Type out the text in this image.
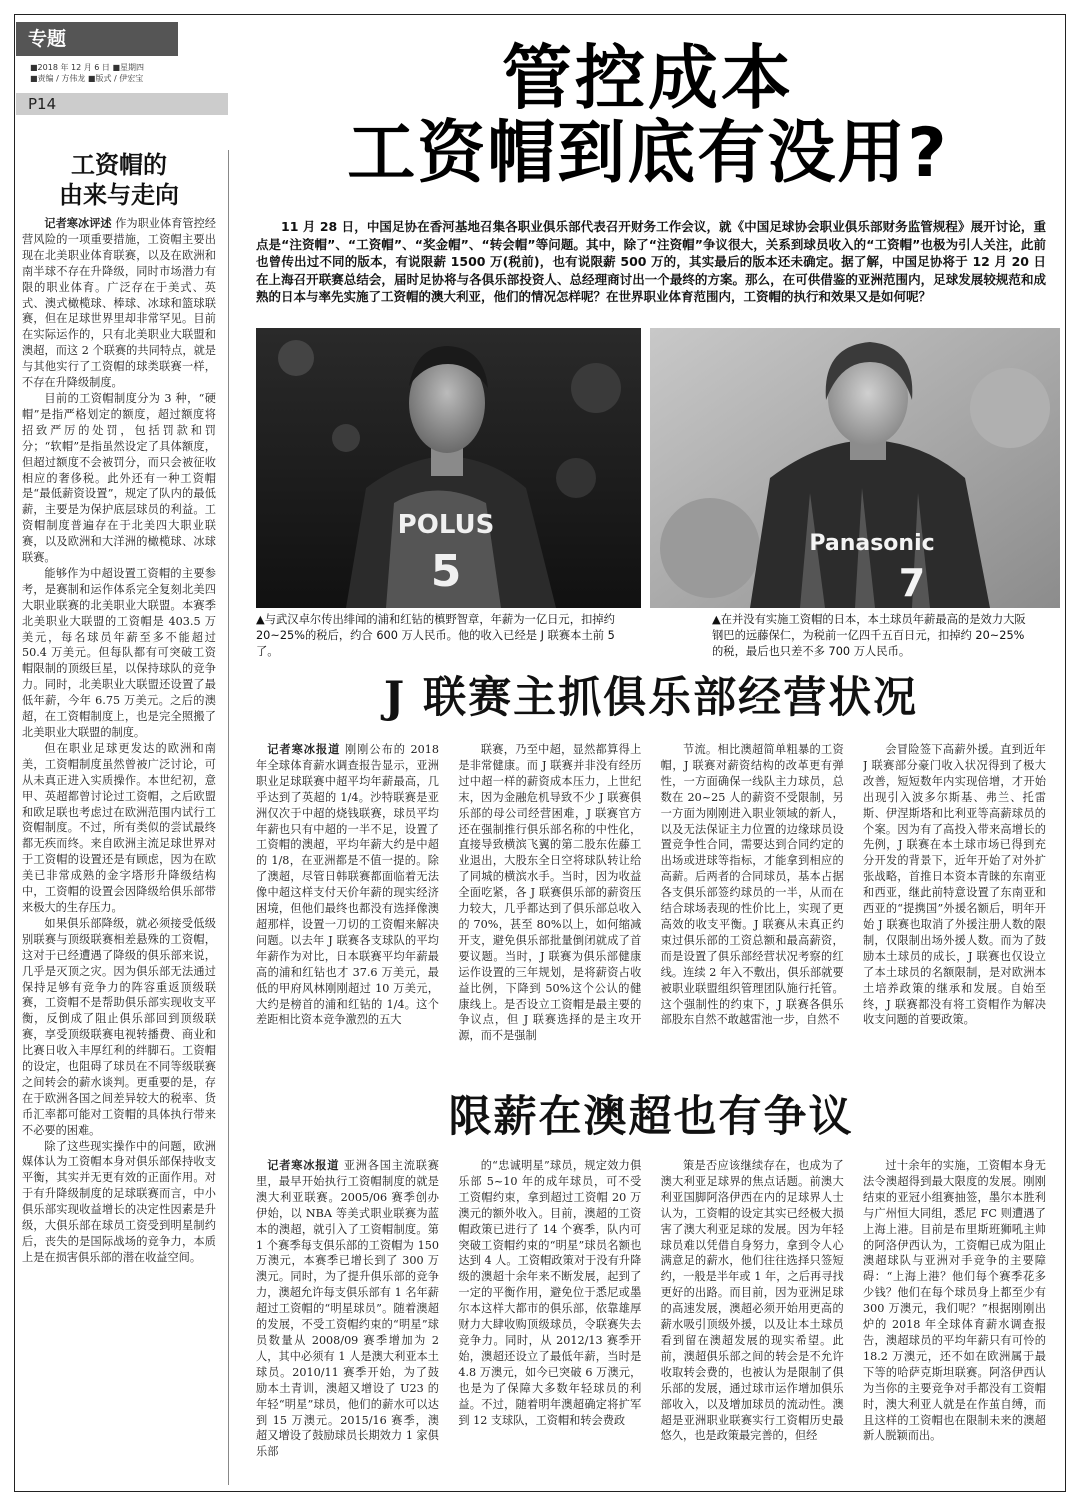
专题
■2018 年 12 月 6 日 ■星期四
■责编 / 方伟龙 ■版式 / 伊宏宝
P14
工资帽的
由来与走向

记者寒冰评述 作为职业体育管控经营风险的一项重要措施，工资帽主要出现在北美职业体育联赛，以及在欧洲和南半球不存在升降级，同时市场潜力有限的职业体育。广泛存在于美式、英式、澳式橄榄球、棒球、冰球和篮球联赛，但在足球世界里却非常罕见。目前在实际运作的，只有北美职业大联盟和澳超，而这 2 个联赛的共同特点，就是与其他实行了工资帽的球类联赛一样，不存在升降级制度。

目前的工资帽制度分为 3 种，“硬帽”是指严格划定的额度，超过额度将招致严厉的处罚，包括罚款和罚分；“软帽”是指虽然设定了具体额度，但超过额度不会被罚分，而只会被征收相应的奢侈税。此外还有一种工资帽是“最低薪资设置”，规定了队内的最低薪，主要是为保护底层球员的利益。工资帽制度普遍存在于北美四大职业联赛，以及欧洲和大洋洲的橄榄球、冰球联赛。

能够作为中超设置工资帽的主要参考，是赛制和运作体系完全复刻北美四大职业联赛的北美职业大联盟。本赛季北美职业大联盟的工资帽是 403.5 万美元，每名球员年薪至多不能超过 50.4 万美元。但每队都有可突破工资帽限制的顶级巨星，以保持球队的竞争力。同时，北美职业大联盟还设置了最低年薪，今年 6.75 万美元。之后的澳超，在工资帽制度上，也是完全照搬了北美职业大联盟的制度。

但在职业足球更发达的欧洲和南美，工资帽制度虽然曾被广泛讨论，可从未真正进入实质操作。本世纪初，意甲、英超都曾讨论过工资帽，之后欧盟和欧足联也考虑过在欧洲范围内试行工资帽制度。不过，所有类似的尝试最终都无疾而终。来自欧洲主流足球世界对于工资帽的设置还是有顾虑，因为在欧美已非常成熟的金字塔形升降级结构中，工资帽的设置会因降级给俱乐部带来极大的生存压力。

如果俱乐部降级，就必须接受低级别联赛与顶级联赛相差悬殊的工资帽，这对于已经遭遇了降级的俱乐部来说，几乎是灭顶之灾。因为俱乐部无法通过保持足够有竞争力的阵容重返顶级联赛，工资帽不是帮助俱乐部实现收支平衡，反倒成了阻止俱乐部回到顶级联赛，享受顶级联赛电视转播费、商业和比赛日收入丰厚红利的绊脚石。工资帽的设定，也阻碍了球员在不同等级联赛之间转会的薪水谈判。更重要的是，存在于欧洲各国之间差异较大的税率、货币汇率都可能对工资帽的具体执行带来不必要的困难。

除了这些现实操作中的问题，欧洲媒体认为工资帽本身对俱乐部保持收支平衡，其实并无更有效的正面作用。对于有升降级制度的足球联赛而言，中小俱乐部实现收益增长的决定性因素是升级，大俱乐部在球员工资受到明星制约后，丧失的是国际战场的竞争力，本质上是在损害俱乐部的潜在收益空间。

管控成本
工资帽到底有没用?
11 月 28 日，中国足协在香河基地召集各职业俱乐部代表召开财务工作会议，就《中国足球协会职业俱乐部财务监管规程》展开讨论，重点是“注资帽”、“工资帽”、“奖金帽”、“转会帽”等问题。其中，除了“注资帽”争议很大，关系到球员收入的“工资帽”也极为引人关注，此前也曾传出过不同的版本，有说限薪 1500 万(税前)，也有说限薪 500 万的，其实最后的版本还未确定。据了解，中国足协将于 12 月 20 日在上海召开联赛总结会，届时足协将与各俱乐部投资人、总经理商讨出一个最终的方案。那么，在可供借鉴的亚洲范围内，足球发展较规范和成熟的日本与率先实施了工资帽的澳大利亚，他们的情况怎样呢？在世界职业体育范围内，工资帽的执行和效果又是如何呢？
POLUS
5
Panasonic
7
▲与武汉卓尔传出绯闻的浦和红钻的槙野智章，年薪为一亿日元，扣掉约 20~25%的税后，约合 600 万人民币。他的收入已经是 J 联赛本土前 5 了。
▲在并没有实施工资帽的日本，本土球员年薪最高的是效力大阪钢巴的远藤保仁，为税前一亿四千五百日元，扣掉约 20~25%的税，最后也只差不多 700 万人民币。
J 联赛主抓俱乐部经营状况

记者寒冰报道 刚刚公布的 2018 年全球体育薪水调查报告显示，亚洲职业足球联赛中超平均年薪最高，几乎达到了英超的 1/4。沙特联赛是亚洲仅次于中超的烧钱联赛，球员平均年薪也只有中超的一半不足，设置了工资帽的澳超，平均年薪大约是中超的 1/8，在亚洲都是不值一提的。除了澳超，尽管日韩联赛都面临着无法像中超这样支付天价年薪的现实经济困境，但他们最终也都没有选择像澳超那样，设置一刀切的工资帽来解决问题。以去年 J 联赛各支球队的平均年薪作为对比，日本联赛平均年薪最高的浦和红钻也才 37.6 万美元，最低的甲府风林刚刚超过 10 万美元，大约是榜首的浦和红钻的 1/4。这个差距相比资本竞争激烈的五大

联赛，乃至中超，显然都算得上是非常健康。而 J 联赛并非没有经历过中超一样的薪资成本压力，上世纪末，因为金融危机导致不少 J 联赛俱乐部的母公司经营困难，J 联赛官方还在强制推行俱乐部名称的中性化，直接导致横滨飞翼的第二股东佐藤工业退出，大股东全日空将球队转让给了同城的横滨水手。当时，因为收益全面吃紧，各 J 联赛俱乐部的薪资压力较大，几乎都达到了俱乐部总收入的 70%，甚至 80%以上，如何缩减开支，避免俱乐部批量倒闭就成了首要议题。当时，J 联赛为俱乐部健康运作设置的三年规划，是将薪资占收益比例，下降到 50%这个公认的健康线上。是否设立工资帽是最主要的争议点，但 J 联赛选择的是主攻开源，而不是强制

节流。相比澳超简单粗暴的工资帽，J 联赛对薪资结构的改革更有弹性，一方面确保一线队主力球员，总数在 20~25 人的薪资不受限制，另一方面为刚刚进入职业领域的新人，以及无法保证主力位置的边缘球员设置竞争性合同，需要达到合同约定的出场或进球等指标，才能拿到相应的高薪。后两者的合同球员，基本占据各支俱乐部签约球员的一半，从而在结合球场表现的性价比上，实现了更高效的收支平衡。J 联赛从未真正约束过俱乐部的工资总额和最高薪资，而是设置了俱乐部经营状况考察的红线。连续 2 年入不敷出，俱乐部就要被职业联盟组织管理团队施行托管。这个强制性的约束下，J 联赛各俱乐部股东自然不敢越雷池一步，自然不

会冒险签下高薪外援。直到近年 J 联赛部分豪门收入状况得到了极大改善，短短数年内实现倍增，才开始出现引入波多尔斯基、弗兰、托雷斯、伊涅斯塔和比利亚等高薪球员的个案。因为有了高投入带来高增长的先例，J 联赛在本土球市场已得到充分开发的背景下，近年开始了对外扩张战略，首推日本资本青睐的东南亚和西亚，继此前特意设置了东南亚和西亚的“提携国”外援名额后，明年开始 J 联赛也取消了外援注册人数的限制，仅限制出场外援人数。而为了鼓励本土球员的成长，J 联赛也仅设立了本土球员的名额限制，是对欧洲本土培养政策的继承和发展。自始至终，J 联赛都没有将工资帽作为解决收支问题的首要政策。

限薪在澳超也有争议

记者寒冰报道 亚洲各国主流联赛里，最早开始执行工资帽制度的就是澳大利亚联赛。2005/06 赛季创办伊始，以 NBA 等美式职业联赛为蓝本的澳超，就引入了工资帽制度。第 1 个赛季每支俱乐部的工资帽为 150 万澳元，本赛季已增长到了 300 万澳元。同时，为了提升俱乐部的竞争力，澳超允许每支俱乐部有 1 名年薪超过工资帽的“明星球员”。随着澳超的发展，不受工资帽约束的“明星”球员数量从 2008/09 赛季增加为 2 人，其中必须有 1 人是澳大利亚本土球员。2010/11 赛季开始，为了鼓励本土青训，澳超又增设了 U23 的年轻“明星”球员，他们的薪水可以达到 15 万澳元。2015/16 赛季，澳超又增设了鼓励球员长期效力 1 家俱乐部

的“忠诚明星”球员，规定效力俱乐部 5~10 年的成年球员，可不受工资帽约束，拿到超过工资帽 20 万澳元的额外收入。目前，澳超的工资帽政策已进行了 14 个赛季，队内可突破工资帽约束的“明星”球员名额也达到 4 人。工资帽政策对于没有升降级的澳超十余年来不断发展，起到了一定的平衡作用，避免位于悉尼或墨尔本这样大都市的俱乐部，依靠雄厚财力大肆收购顶级球员，令联赛失去竞争力。同时，从 2012/13 赛季开始，澳超还设立了最低年薪，当时是 4.8 万澳元，如今已突破 6 万澳元，也是为了保障大多数年轻球员的利益。不过，随着明年澳超确定将扩军到 12 支球队，工资帽和转会费政

策是否应该继续存在，也成为了澳大利亚足球界的焦点话题。前澳大利亚国脚阿洛伊西在内的足球界人士认为，工资帽的设定其实已经极大损害了澳大利亚足球的发展。因为年轻球员难以凭借自身努力，拿到令人心满意足的薪水，他们往往选择只签短约，一般是半年或 1 年，之后再寻找更好的出路。而目前，因为亚洲足球的高速发展，澳超必须开始用更高的薪水吸引顶级外援，以及让本土球员看到留在澳超发展的现实希望。此前，澳超俱乐部之间的转会是不允许收取转会费的，也被认为是限制了俱乐部的发展，通过球市运作增加俱乐部收入，以及增加球员的流动性。澳超是亚洲职业联赛实行工资帽历史最悠久，也是政策最完善的，但经

过十余年的实施，工资帽本身无法令澳超得到最大限度的发展。刚刚结束的亚冠小组赛抽签，墨尔本胜利与广州恒大同组，悉尼 FC 则遭遇了上海上港。目前是布里斯班狮吼主帅的阿洛伊西认为，工资帽已成为阻止澳超球队与亚洲对手竞争的主要障碍：“上海上港？他们每个赛季花多少钱？他们在每个球员身上都至少有 300 万澳元，我们呢？”根据刚刚出炉的 2018 年全球体育薪水调查报告，澳超球员的平均年薪只有可怜的 18.2 万澳元，还不如在欧洲属于最下等的哈萨克斯坦联赛。阿洛伊西认为当你的主要竞争对手都没有工资帽时，澳大利亚人就是在作茧自缚，而且这样的工资帽也在限制未来的澳超新人脱颖而出。
